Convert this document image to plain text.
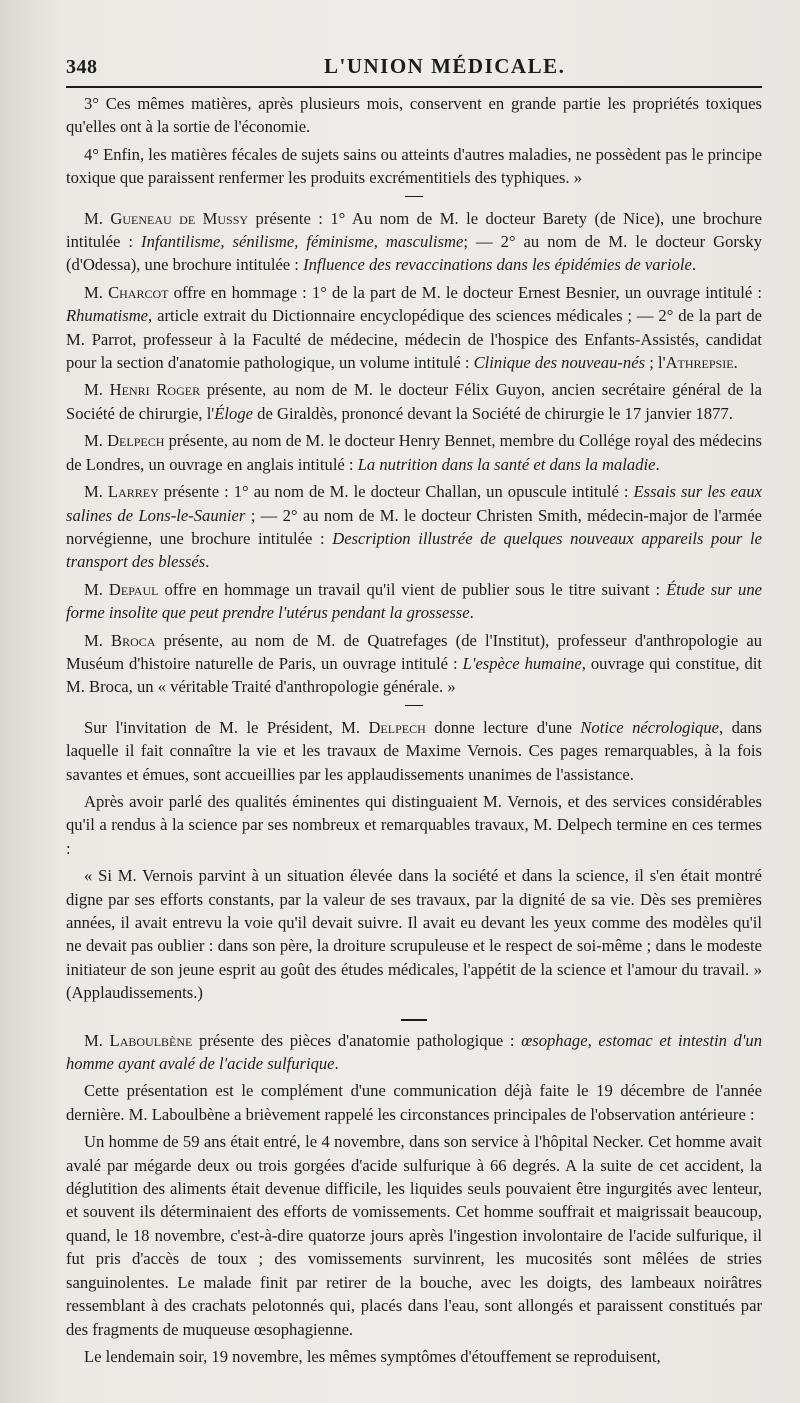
348	L'UNION MÉDICALE.

3° Ces mêmes matières, après plusieurs mois, conservent en grande partie les propriétés toxiques qu'elles ont à la sortie de l'économie.

4° Enfin, les matières fécales de sujets sains ou atteints d'autres maladies, ne possèdent pas le principe toxique que paraissent renfermer les produits excrémentitiels des typhiques. »

M. Gueneau de Mussy présente : 1° Au nom de M. le docteur Barety (de Nice), une brochure intitulée : Infantilisme, sénilisme, féminisme, masculisme; — 2° au nom de M. le docteur Gorsky (d'Odessa), une brochure intitulée : Influence des revaccinations dans les épidémies de variole.

M. Charcot offre en hommage : 1° de la part de M. le docteur Ernest Besnier, un ouvrage intitulé : Rhumatisme, article extrait du Dictionnaire encyclopédique des sciences médicales ; — 2° de la part de M. Parrot, professeur à la Faculté de médecine, médecin de l'hospice des Enfants-Assistés, candidat pour la section d'anatomie pathologique, un volume intitulé : Clinique des nouveau-nés ; l'Athrepsie.

M. Henri Roger présente, au nom de M. le docteur Félix Guyon, ancien secrétaire général de la Société de chirurgie, l'Éloge de Giraldès, prononcé devant la Société de chirurgie le 17 janvier 1877.

M. Delpech présente, au nom de M. le docteur Henry Bennet, membre du Collége royal des médecins de Londres, un ouvrage en anglais intitulé : La nutrition dans la santé et dans la maladie.

M. Larrey présente : 1° au nom de M. le docteur Challan, un opuscule intitulé : Essais sur les eaux salines de Lons-le-Saunier ; — 2° au nom de M. le docteur Christen Smith, médecin-major de l'armée norvégienne, une brochure intitulée : Description illustrée de quelques nouveaux appareils pour le transport des blessés.

M. Depaul offre en hommage un travail qu'il vient de publier sous le titre suivant : Étude sur une forme insolite que peut prendre l'utérus pendant la grossesse.

M. Broca présente, au nom de M. de Quatrefages (de l'Institut), professeur d'anthropologie au Muséum d'histoire naturelle de Paris, un ouvrage intitulé : L'espèce humaine, ouvrage qui constitue, dit M. Broca, un « véritable Traité d'anthropologie générale. »

Sur l'invitation de M. le Président, M. Delpech donne lecture d'une Notice nécrologique, dans laquelle il fait connaître la vie et les travaux de Maxime Vernois. Ces pages remarquables, à la fois savantes et émues, sont accueillies par les applaudissements unanimes de l'assistance.

Après avoir parlé des qualités éminentes qui distinguaient M. Vernois, et des services considérables qu'il a rendus à la science par ses nombreux et remarquables travaux, M. Delpech termine en ces termes :

« Si M. Vernois parvint à un situation élevée dans la société et dans la science, il s'en était montré digne par ses efforts constants, par la valeur de ses travaux, par la dignité de sa vie. Dès ses premières années, il avait entrevu la voie qu'il devait suivre. Il avait eu devant les yeux comme des modèles qu'il ne devait pas oublier : dans son père, la droiture scrupuleuse et le respect de soi-même ; dans le modeste initiateur de son jeune esprit au goût des études médicales, l'appétit de la science et l'amour du travail. » (Applaudissements.)

M. Laboulbène présente des pièces d'anatomie pathologique : œsophage, estomac et intestin d'un homme ayant avalé de l'acide sulfurique.

Cette présentation est le complément d'une communication déjà faite le 19 décembre de l'année dernière. M. Laboulbène a brièvement rappelé les circonstances principales de l'observation antérieure :

Un homme de 59 ans était entré, le 4 novembre, dans son service à l'hôpital Necker. Cet homme avait avalé par mégarde deux ou trois gorgées d'acide sulfurique à 66 degrés. A la suite de cet accident, la déglutition des aliments était devenue difficile, les liquides seuls pouvaient être ingurgités avec lenteur, et souvent ils déterminaient des efforts de vomissements. Cet homme souffrait et maigrissait beaucoup, quand, le 18 novembre, c'est-à-dire quatorze jours après l'ingestion involontaire de l'acide sulfurique, il fut pris d'accès de toux ; des vomissements survinrent, les mucosités sont mêlées de stries sanguinolentes. Le malade finit par retirer de la bouche, avec les doigts, des lambeaux noirâtres ressemblant à des crachats pelotonnés qui, placés dans l'eau, sont allongés et paraissent constitués par des fragments de muqueuse œsophagienne.

Le lendemain soir, 19 novembre, les mêmes symptômes d'étouffement se reproduisent,
